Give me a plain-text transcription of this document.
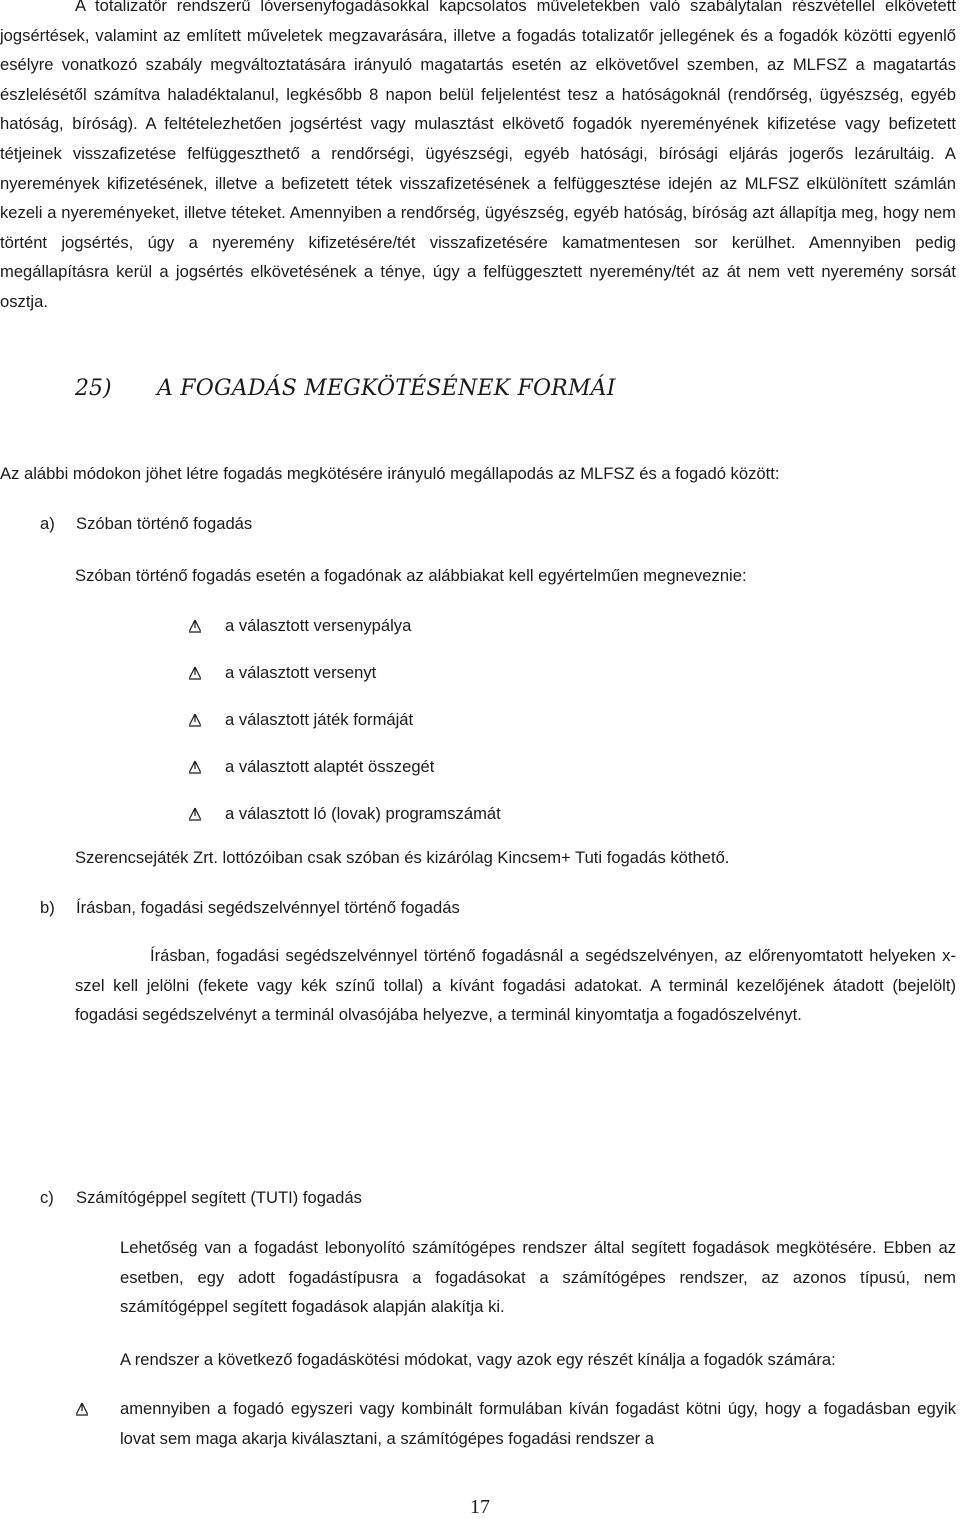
A totalizatőr rendszerű lóversenyfogadásokkal kapcsolatos műveletekben való szabálytalan részvétellel elkövetett jogsértések, valamint az említett műveletek megzavarására, illetve a fogadás totalizatőr jellegének és a fogadók közötti egyenlő esélyre vonatkozó szabály megváltoztatására irányuló magatartás esetén az elkövetővel szemben, az MLFSZ a magatartás észlelésétől számítva haladéktalanul, legkésőbb 8 napon belül feljelentést tesz a hatóságoknál (rendőrség, ügyészség, egyéb hatóság, bíróság). A feltételezhetően jogsértést vagy mulasztást elkövető fogadók nyereményének kifizetése vagy befizetett tétjeinek visszafizetése felfüggeszthető a rendőrségi, ügyészségi, egyéb hatósági, bírósági eljárás jogerős lezárultáig. A nyeremények kifizetésének, illetve a befizetett tétek visszafizetésének a felfüggesztése idején az MLFSZ elkülönített számlán kezeli a nyereményeket, illetve téteket. Amennyiben a rendőrség, ügyészség, egyéb hatóság, bíróság azt állapítja meg, hogy nem történt jogsértés, úgy a nyeremény kifizetésére/tét visszafizetésére kamatmentesen sor kerülhet. Amennyiben pedig megállapításra kerül a jogsértés elkövetésének a ténye, úgy a felfüggesztett nyeremény/tét az át nem vett nyeremény sorsát osztja.

25) A FOGADÁS MEGKÖTÉSÉNEK FORMÁI

Az alábbi módokon jöhet létre fogadás megkötésére irányuló megállapodás az MLFSZ és a fogadó között:

a) Szóban történő fogadás

Szóban történő fogadás esetén a fogadónak az alábbiakat kell egyértelműen megneveznie:

a választott versenypálya
a választott versenyt
a választott játék formáját
a választott alaptét összegét
a választott ló (lovak) programszámát

Szerencsejáték Zrt. lottózóiban csak szóban és kizárólag Kincsem+ Tuti fogadás köthető.

b) Írásban, fogadási segédszelvénnyel történő fogadás

Írásban, fogadási segédszelvénnyel történő fogadásnál a segédszelvényen, az előrenyomtatott helyeken x-szel kell jelölni (fekete vagy kék színű tollal) a kívánt fogadási adatokat. A terminál kezelőjének átadott (bejelölt) fogadási segédszelvényt a terminál olvasójába helyezve, a terminál kinyomtatja a fogadószelvényt.

c) Számítógéppel segített (TUTI) fogadás

Lehetőség van a fogadást lebonyolító számítógépes rendszer által segített fogadások megkötésére. Ebben az esetben, egy adott fogadástípusra a fogadásokat a számítógépes rendszer, az azonos típusú, nem számítógéppel segített fogadások alapján alakítja ki.

A rendszer a következő fogadáskötési módokat, vagy azok egy részét kínálja a fogadók számára:

amennyiben a fogadó egyszeri vagy kombinált formulában kíván fogadást kötni úgy, hogy a fogadásban egyik lovat sem maga akarja kiválasztani, a számítógépes fogadási rendszer a

17
